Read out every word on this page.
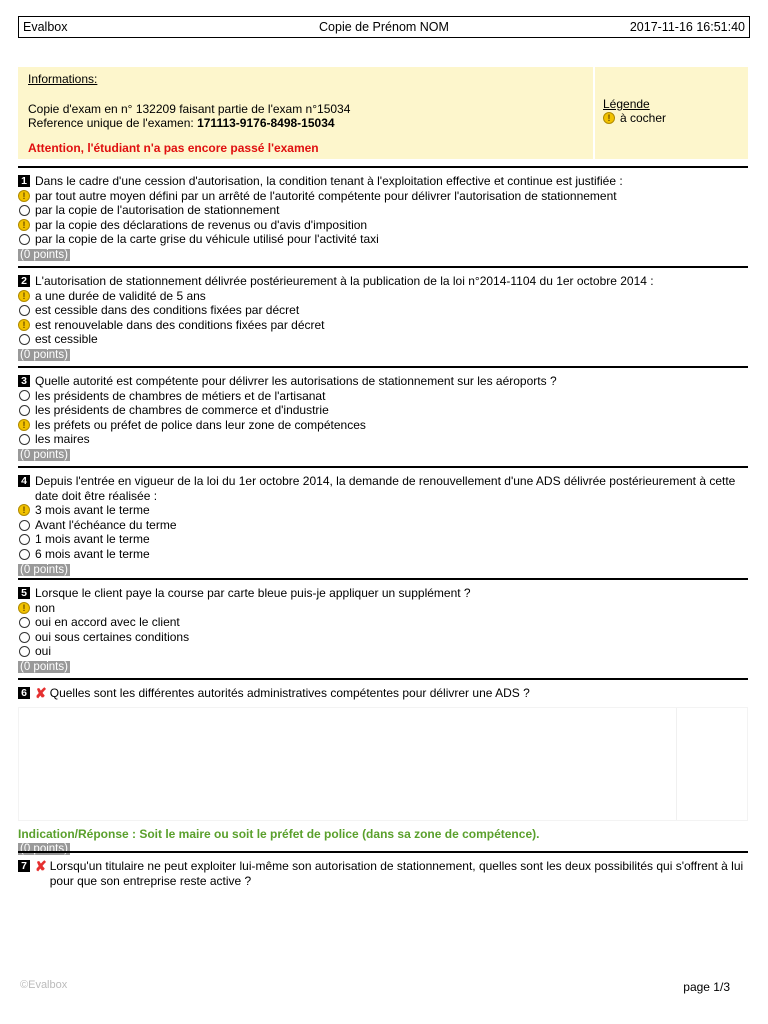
Evalbox	Copie de Prénom NOM	2017-11-16 16:51:40
Informations:
Copie d'exam en n° 132209 faisant partie de l'exam n°15034
Reference unique de l'examen: 171113-9176-8498-15034
Attention, l'étudiant n'a pas encore passé l'examen
Légende
! à cocher
1 Dans le cadre d'une cession d'autorisation, la condition tenant à l'exploitation effective et continue est justifiée :
! par tout autre moyen défini par un arrêté de l'autorité compétente pour délivrer l'autorisation de stationnement
par la copie de l'autorisation de stationnement
! par la copie des déclarations de revenus ou d'avis d'imposition
par la copie de la carte grise du véhicule utilisé pour l'activité taxi
(0 points)
2 L'autorisation de stationnement délivrée postérieurement à la publication de la loi n°2014-1104 du 1er octobre 2014 :
! a une durée de validité de 5 ans
est cessible dans des conditions fixées par décret
! est renouvelable dans des conditions fixées par décret
est cessible
(0 points)
3 Quelle autorité est compétente pour délivrer les autorisations de stationnement sur les aéroports ?
les présidents de chambres de métiers et de l'artisanat
les présidents de chambres de commerce et d'industrie
! les préfets ou préfet de police dans leur zone de compétences
les maires
(0 points)
4 Depuis l'entrée en vigueur de la loi du 1er octobre 2014, la demande de renouvellement d'une ADS délivrée postérieurement à cette date doit être réalisée :
! 3 mois avant le terme
Avant l'échéance du terme
1 mois avant le terme
6 mois avant le terme
(0 points)
5 Lorsque le client paye la course par carte bleue puis-je appliquer un supplément ?
! non
oui en accord avec le client
oui sous certaines conditions
oui
(0 points)
6 ✘ Quelles sont les différentes autorités administratives compétentes pour délivrer une ADS ?
Indication/Réponse : Soit le maire ou soit le préfet de police (dans sa zone de compétence).
(0 points)
7 ✘ Lorsqu'un titulaire ne peut exploiter lui-même son autorisation de stationnement, quelles sont les deux possibilités qui s'offrent à lui pour que son entreprise reste active ?
©Evalbox	page 1/3
